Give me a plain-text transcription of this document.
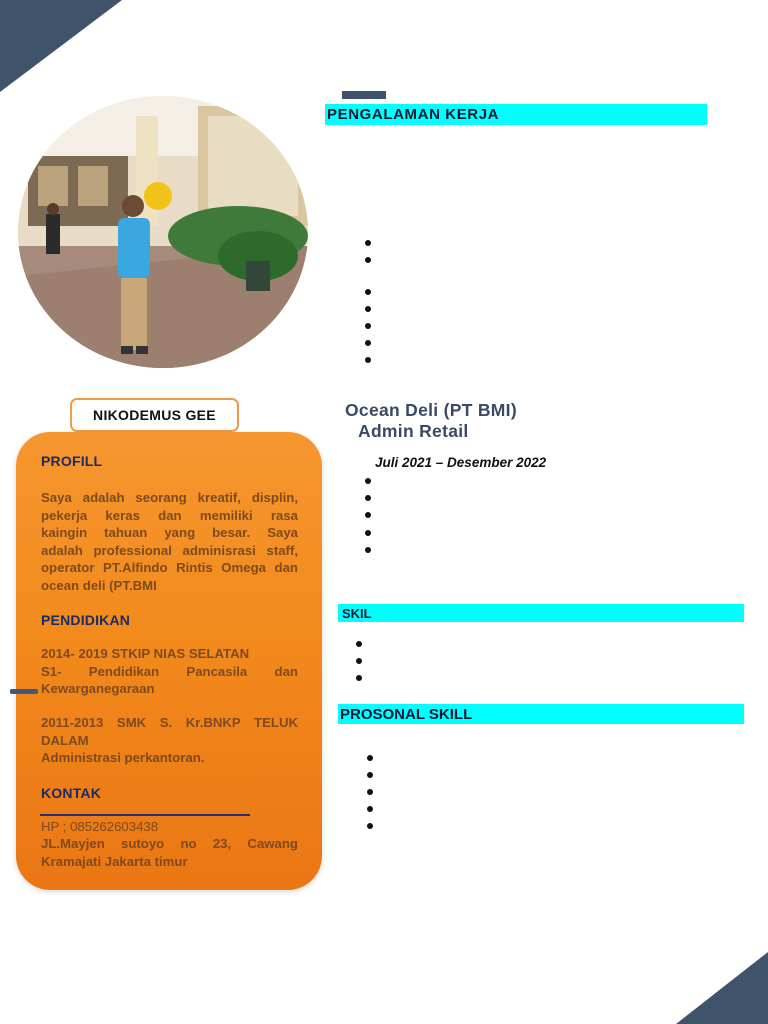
NIKODEMUS GEE
PROFILL

Saya adalah seorang kreatif, displin,

pekerja keras dan memiliki rasa

kaingin tahuan yang besar. Saya

adalah professional adminisrasi staff,

operator PT.Alfindo Rintis Omega dan

ocean deli (PT.BMI

PENDIDIKAN

2014- 2019 STKIP NIAS SELATAN

S1- Pendidikan Pancasila dan

Kewarganegaraan

2011-2013 SMK S. Kr.BNKP TELUK

DALAM

Administrasi perkantoran.

KONTAK
HP ; 085262603438

JL.Mayjen sutoyo no 23, Cawang

Kramajati Jakarta timur

PENGALAMAN KERJA
Ocean Deli (PT BMI)
Admin Retail
Juli 2021 – Desember 2022
SKIL
PROSONAL SKILL
